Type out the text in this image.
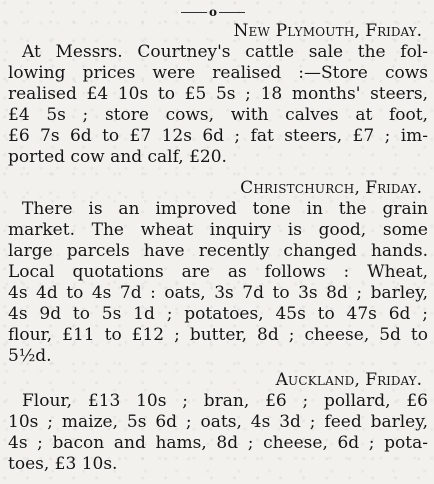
o
New Plymouth, Friday.
At Messrs. Courtney's cattle sale the fol-
lowing prices were realised :—Store cows
realised £4 10s to £5 5s ; 18 months' steers,
£4 5s ; store cows, with calves at foot,
£6 7s 6d to £7 12s 6d ; fat steers, £7 ; im-
ported cow and calf, £20.
Christchurch, Friday.
There is an improved tone in the grain
market. The wheat inquiry is good, some
large parcels have recently changed hands.
Local quotations are as follows : Wheat,
4s 4d to 4s 7d : oats, 3s 7d to 3s 8d ; barley,
4s 9d to 5s 1d ; potatoes, 45s to 47s 6d ;
flour, £11 to £12 ; butter, 8d ; cheese, 5d to
5½d.
Auckland, Friday.
Flour, £13 10s ; bran, £6 ; pollard, £6
10s ; maize, 5s 6d ; oats, 4s 3d ; feed barley,
4s ; bacon and hams, 8d ; cheese, 6d ; pota-
toes, £3 10s.
